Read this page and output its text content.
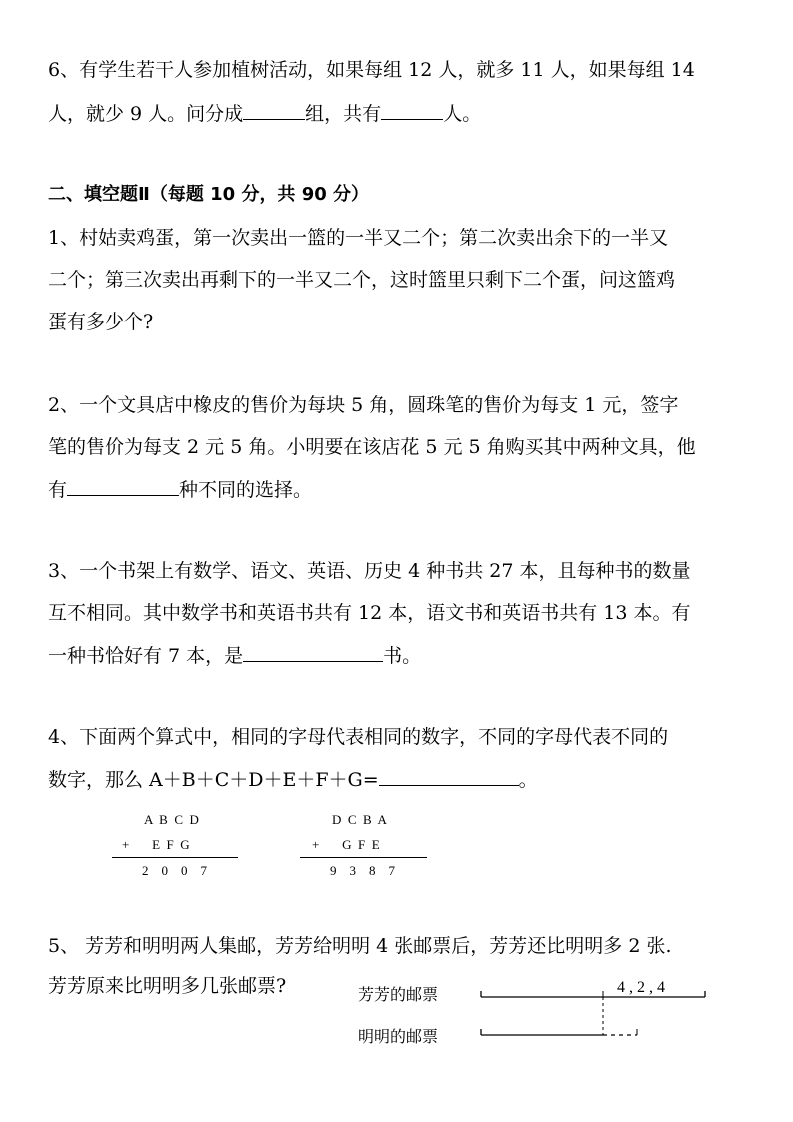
6、有学生若干人参加植树活动，如果每组 12 人，就多 11 人，如果每组 14
人，就少 9 人。问分成	组，共有	人。
二、填空题Ⅱ（每题 10 分，共 90 分）
1、村姑卖鸡蛋，第一次卖出一篮的一半又二个；第二次卖出余下的一半又
二个；第三次卖出再剩下的一半又二个，这时篮里只剩下二个蛋，问这篮鸡
蛋有多少个?
2、一个文具店中橡皮的售价为每块 5 角，圆珠笔的售价为每支 1 元，签字
笔的售价为每支 2 元 5 角。小明要在该店花 5 元 5 角购买其中两种文具，他
有	种不同的选择。
3、一个书架上有数学、语文、英语、历史 4 种书共 27 本，且每种书的数量
互不相同。其中数学书和英语书共有 12 本，语文书和英语书共有 13 本。有
一种书恰好有 7 本，是	书。
4、下面两个算式中，相同的字母代表相同的数字，不同的字母代表不同的
数字，那么 A＋B＋C＋D＋E＋F＋G=	。
A  B  C  D
+       E  F  G
2    0    0    7
D  C  B  A
+       G  F  E
9    3    8    7
5、 芳芳和明明两人集邮，芳芳给明明 4 张邮票后，芳芳还比明明多 2 张.
芳芳原来比明明多几张邮票?	芳芳的邮票
明明的邮票
4 , 2 , 4
